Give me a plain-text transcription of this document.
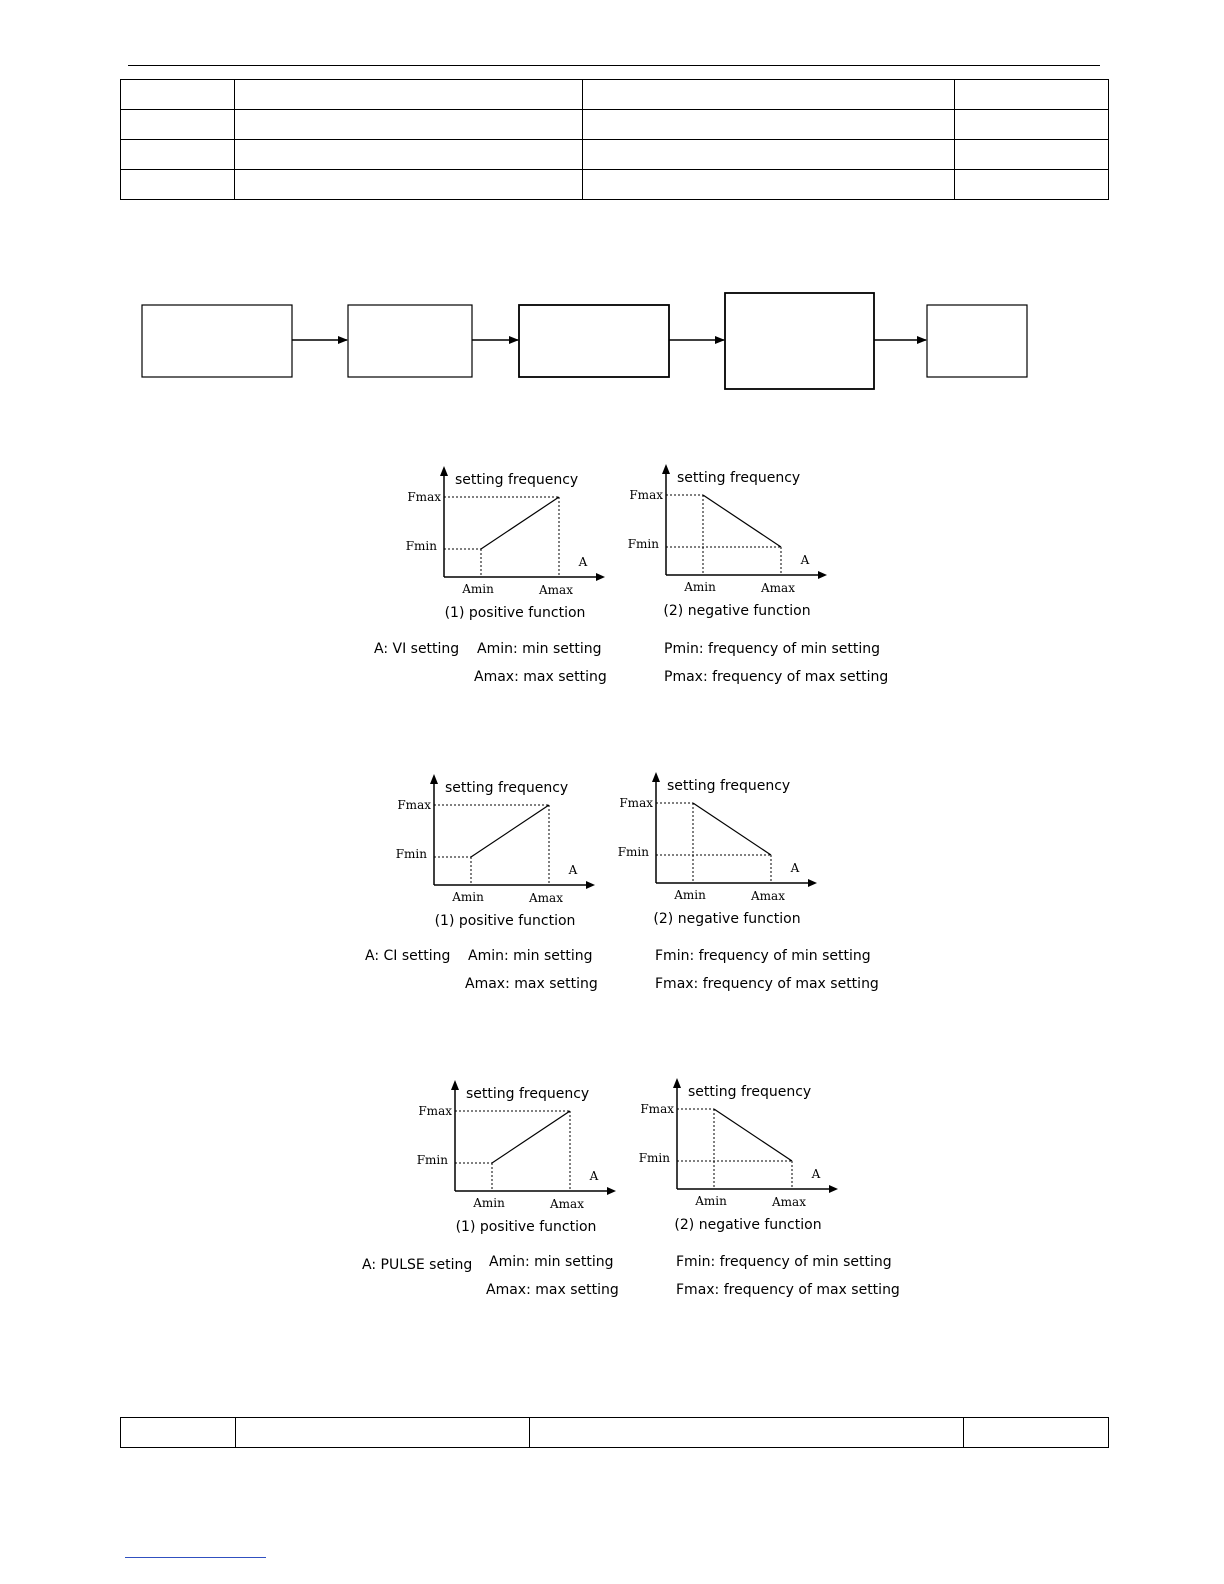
setting frequency
Fmax
Fmin
A
Amin	Amax
(1) positive function
setting frequency
Fmax
Fmin
A
Amin	Amax
(2) negative function
A: VI setting Amin: min setting
Amax: max setting
Pmin: frequency of min setting
Pmax: frequency of max setting
setting frequency
Fmax
Fmin
A
Amin	Amax
(1) positive function
setting frequency
Fmax
Fmin
A
Amin	Amax
(2) negative function
A: CI setting Amin: min setting
Amax: max setting
Fmin: frequency of min setting
Fmax: frequency of max setting
setting frequency
Fmax
Fmin
A
Amin	Amax
(1) positive function
setting frequency
Fmax
Fmin
A
Amin	Amax
(2) negative function
A: PULSE seting Amin: min setting
Amax: max setting
Fmin: frequency of min setting
Fmax: frequency of max setting
